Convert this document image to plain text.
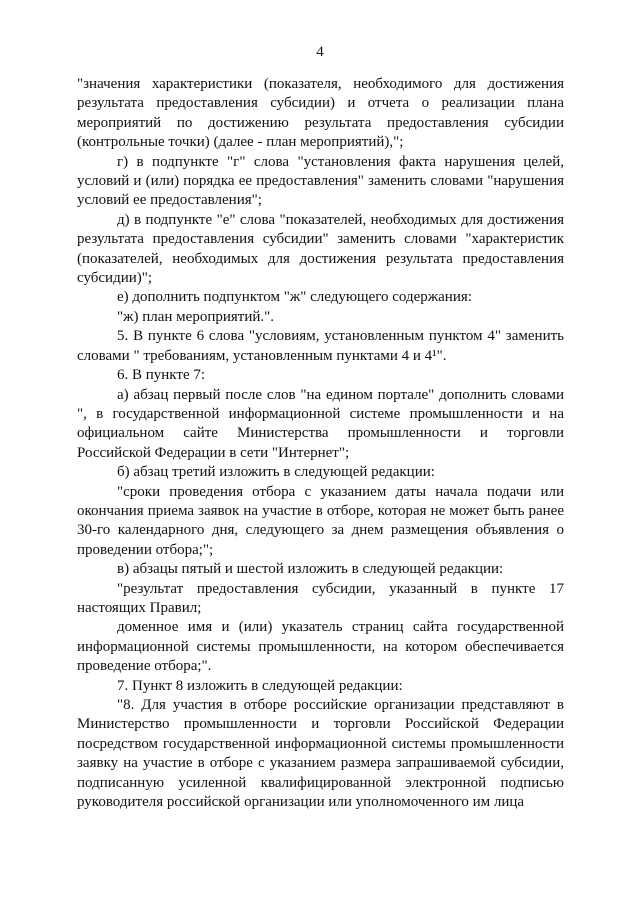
4

"значения характеристики (показателя, необходимого для достижения результата предоставления субсидии) и отчета о реализации плана мероприятий по достижению результата предоставления субсидии (контрольные точки) (далее - план мероприятий),";

г) в подпункте "г" слова "установления факта нарушения целей, условий и (или) порядка ее предоставления" заменить словами "нарушения условий ее предоставления";

д) в подпункте "е" слова "показателей, необходимых для достижения результата предоставления субсидии" заменить словами "характеристик (показателей, необходимых для достижения результата предоставления субсидии)";

е) дополнить подпунктом "ж" следующего содержания:

"ж) план мероприятий.".

5. В пункте 6 слова "условиям, установленным пунктом 4" заменить словами " требованиям, установленным пунктами 4 и 4¹".

6. В пункте 7:

а) абзац первый после слов "на едином портале" дополнить словами ", в государственной информационной системе промышленности и на официальном сайте Министерства промышленности и торговли Российской Федерации в сети "Интернет";

б) абзац третий изложить в следующей редакции:

"сроки проведения отбора с указанием даты начала подачи или окончания приема заявок на участие в отборе, которая не может быть ранее 30-го календарного дня, следующего за днем размещения объявления о проведении отбора;";

в) абзацы пятый и шестой изложить в следующей редакции:

"результат предоставления субсидии, указанный в пункте 17 настоящих Правил;

доменное имя и (или) указатель страниц сайта государственной информационной системы промышленности, на котором обеспечивается проведение отбора;".

7. Пункт 8 изложить в следующей редакции:

"8. Для участия в отборе российские организации представляют в Министерство промышленности и торговли Российской Федерации посредством государственной информационной системы промышленности заявку на участие в отборе с указанием размера запрашиваемой субсидии, подписанную усиленной квалифицированной электронной подписью руководителя российской организации или уполномоченного им лица
